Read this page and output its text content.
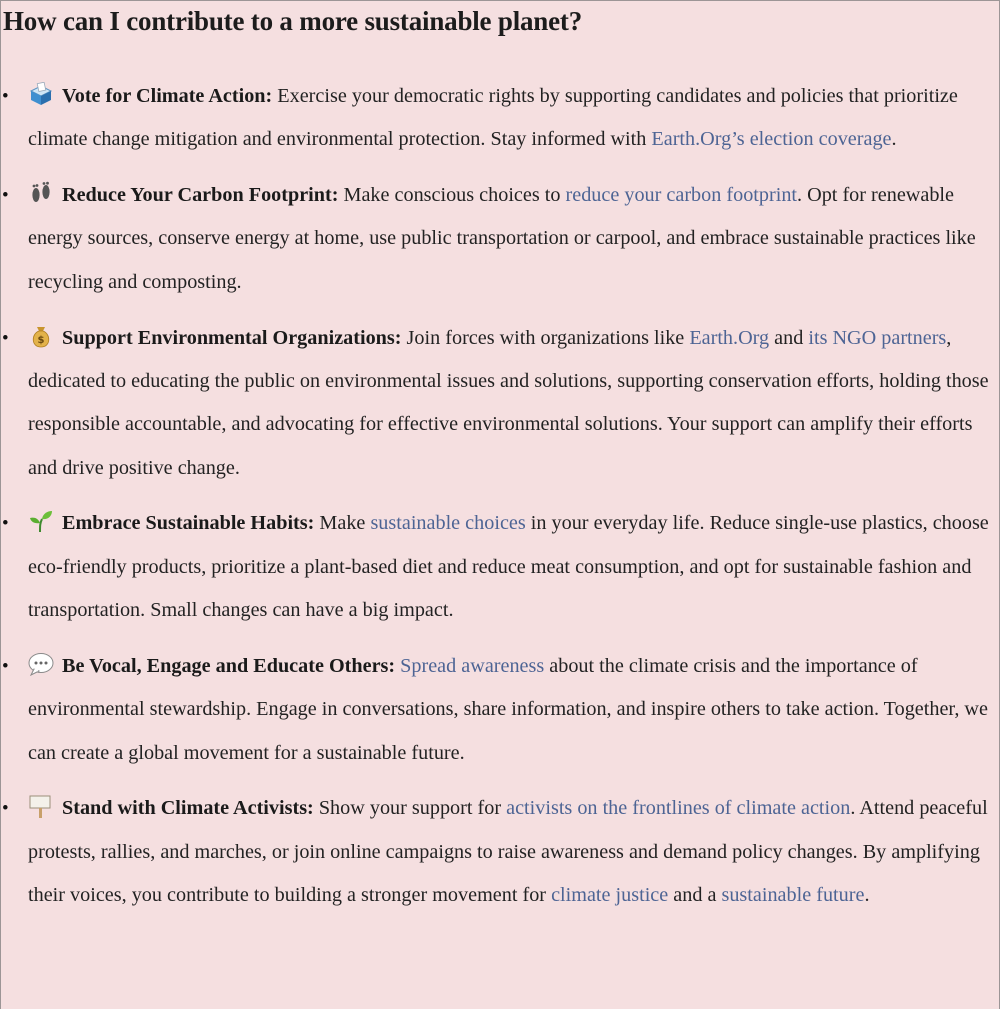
How can I contribute to a more sustainable planet?
•	Vote for Climate Action: Exercise your democratic rights by supporting candidates and policies that prioritize climate change mitigation and environmental protection. Stay informed with Earth.Org’s election coverage.
•	Reduce Your Carbon Footprint: Make conscious choices to reduce your carbon footprint. Opt for renewable energy sources, conserve energy at home, use public transportation or carpool, and embrace sustainable practices like recycling and composting.
•	$ Support Environmental Organizations: Join forces with organizations like Earth.Org and its NGO partners, dedicated to educating the public on environmental issues and solutions, supporting conservation efforts, holding those responsible accountable, and advocating for effective environmental solutions. Your support can amplify their efforts and drive positive change.
•	Embrace Sustainable Habits: Make sustainable choices in your everyday life. Reduce single-use plastics, choose eco-friendly products, prioritize a plant-based diet and reduce meat consumption, and opt for sustainable fashion and transportation. Small changes can have a big impact.
•	Be Vocal, Engage and Educate Others: Spread awareness about the climate crisis and the importance of environmental stewardship. Engage in conversations, share information, and inspire others to take action. Together, we can create a global movement for a sustainable future.
•	Stand with Climate Activists: Show your support for activists on the frontlines of climate action. Attend peaceful protests, rallies, and marches, or join online campaigns to raise awareness and demand policy changes. By amplifying their voices, you contribute to building a stronger movement for climate justice and a sustainable future.
